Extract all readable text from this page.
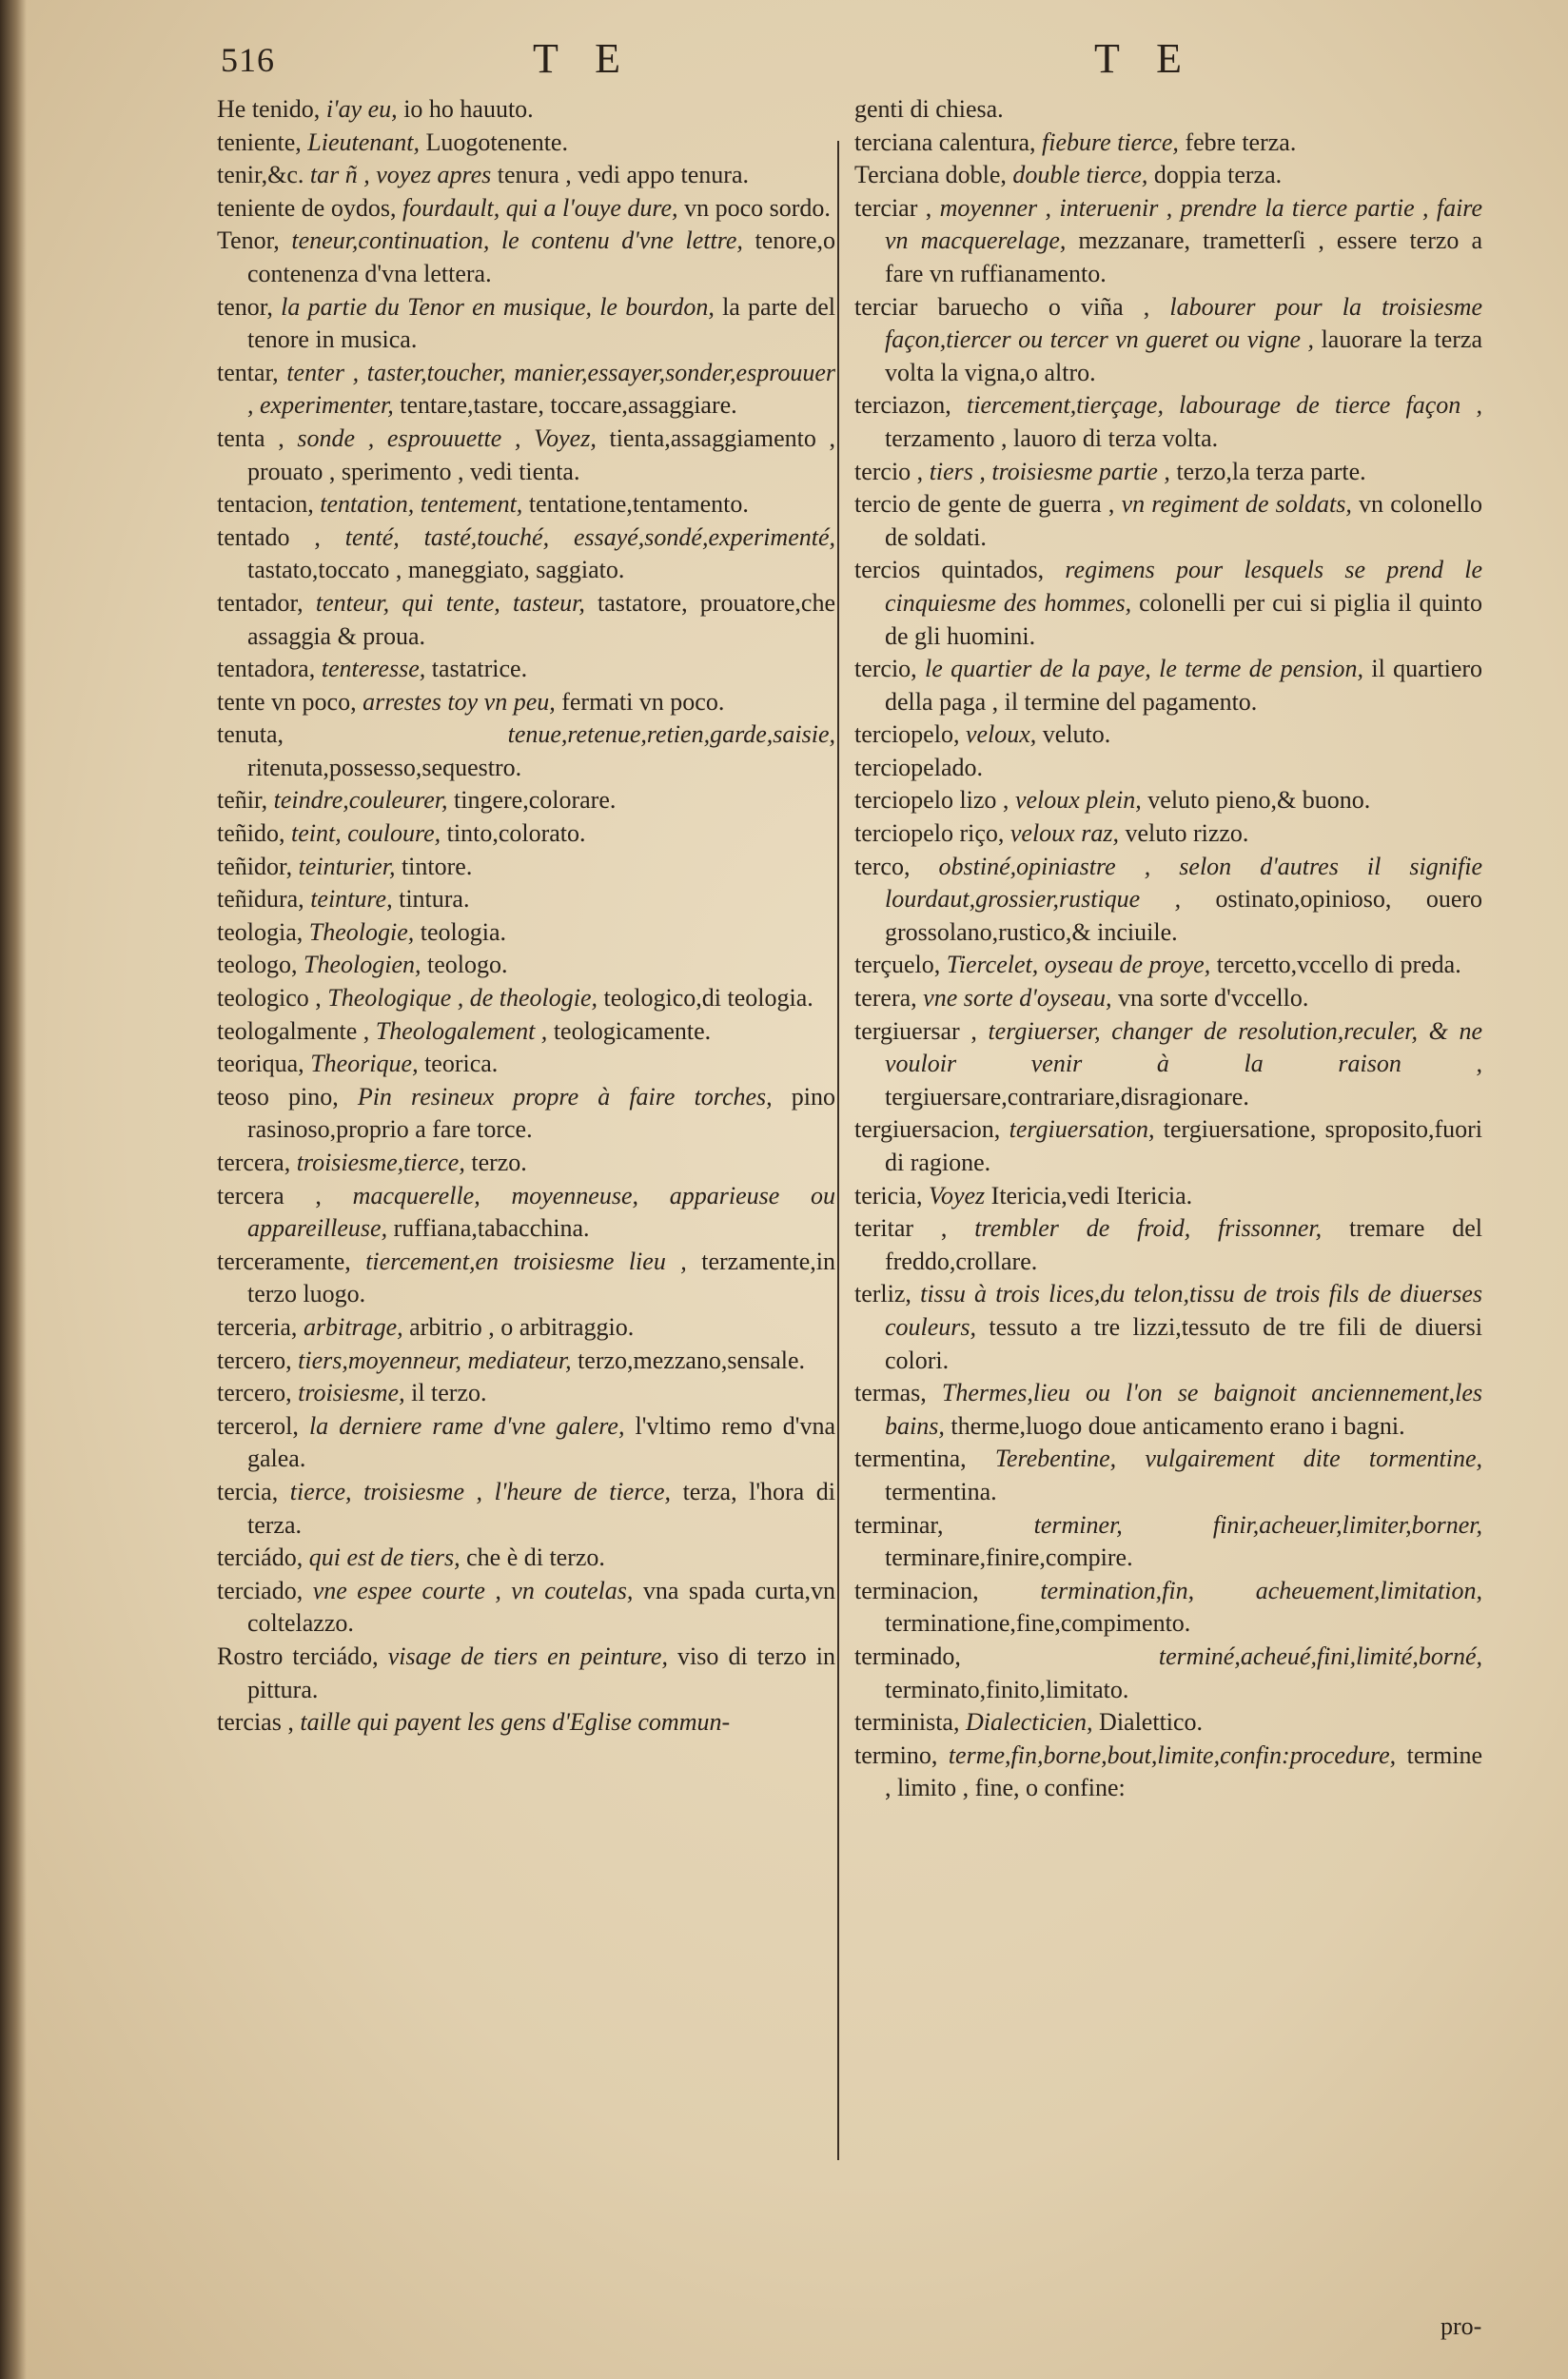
516	T E	T E
He tenido, i'ay eu, io ho hauuto.
teniente, Lieutenant, Luogotenente.
tenir,&c. tar ñ , voyez apres tenura , vedi appo tenura.
teniente de oydos, fourdault, qui a l'ouye dure, vn poco sordo.
Tenor, teneur,continuation, le contenu d'vne lettre, tenore,o contenenza d'vna lettera.
tenor, la partie du Tenor en musique, le bourdon, la parte del tenore in musica.
tentar, tenter , taster,toucher, manier,essayer,sonder,esprouuer , experimenter, tentare,tastare, toccare,assaggiare.
tenta , sonde , esprouuette , Voyez, tienta,assaggiamento , prouato , sperimento , vedi tienta.
tentacion, tentation, tentement, tentatione,tentamento.
tentado , tenté, tasté,touché, essayé,sondé,experimenté, tastato,toccato , maneggiato, saggiato.
tentador, tenteur, qui tente, tasteur, tastatore, prouatore,che assaggia & proua.
tentadora, tenteresse, tastatrice.
tente vn poco, arrestes toy vn peu, fermati vn poco.
tenuta,	tenue,retenue,retien,garde,saisie, ritenuta,possesso,sequestro.
teñir, teindre,couleurer, tingere,colorare.
teñido, teint, couloure, tinto,colorato.
teñidor, teinturier, tintore.
teñidura, teinture, tintura.
teologia, Theologie, teologia.
teologo, Theologien, teologo.
teologico , Theologique , de theologie, teologico,di teologia.
teologalmente , Theologalement , teologicamente.
teoriqua, Theorique, teorica.
teoso pino, Pin resineux propre à faire torches, pino rasinoso,proprio a fare torce.
tercera, troisiesme,tierce, terzo.
tercera , macquerelle, moyenneuse, apparieuse ou appareilleuse, ruffiana,tabacchina.
terceramente, tiercement,en troisiesme lieu , terzamente,in terzo luogo.
terceria, arbitrage, arbitrio , o arbitraggio.
tercero, tiers,moyenneur, mediateur, terzo,mezzano,sensale.
tercero, troisiesme, il terzo.
tercerol, la derniere rame d'vne galere, l'vltimo remo d'vna galea.
tercia, tierce, troisiesme , l'heure de tierce, terza, l'hora di terza.
terciádo, qui est de tiers, che è di terzo.
terciado, vne espee courte , vn coutelas, vna spada curta,vn coltelazzo.
Rostro terciádo, visage de tiers en peinture, viso di terzo in pittura.
tercias , taille qui payent les gens d'Eglise commun-
genti di chiesa.
terciana calentura, fiebure tierce, febre terza.
Terciana doble, double tierce, doppia terza.
terciar , moyenner , interuenir , prendre la tierce partie , faire vn macquerelage, mezzanare, trametterſi , essere terzo a fare vn ruffianamento.
terciar baruecho o viña , labourer pour la troisiesme façon,tiercer ou tercer vn gueret ou vigne , lauorare la terza volta la vigna,o altro.
terciazon, tiercement,tierçage, labourage de tierce façon , terzamento , lauoro di terza volta.
tercio , tiers , troisiesme partie , terzo,la terza parte.
tercio de gente de guerra , vn regiment de soldats, vn colonello de soldati.
tercios quintados, regimens pour lesquels se prend le cinquiesme des hommes, colonelli per cui si piglia il quinto de gli huomini.
tercio, le quartier de la paye, le terme de pension, il quartiero della paga , il termine del pagamento.
terciopelo, veloux, veluto.
terciopelado.
terciopelo lizo , veloux plein, veluto pieno,& buono.
terciopelo riço, veloux raz, veluto rizzo.
terco, obstiné,opiniastre , selon d'autres il signifie lourdaut,grossier,rustique , ostinato,opinioso, ouero grossolano,rustico,& inciuile.
terçuelo, Tiercelet, oyseau de proye, tercetto,vccello di preda.
terera, vne sorte d'oyseau, vna sorte d'vccello.
tergiuersar , tergiuerser, changer de resolution,reculer, & ne vouloir venir à la raison , tergiuersare,contrariare,disragionare.
tergiuersacion, tergiuersation, tergiuersatione, sproposito,fuori di ragione.
tericia, Voyez Itericia,vedi Itericia.
teritar , trembler de froid, frissonner, tremare del freddo,crollare.
terliz, tissu à trois lices,du telon,tissu de trois fils de diuerses couleurs, tessuto a tre lizzi,tessuto de tre fili de diuersi colori.
termas, Thermes,lieu ou l'on se baignoit anciennement,les bains, therme,luogo doue anticamento erano i bagni.
termentina, Terebentine, vulgairement dite tormentine, termentina.
terminar,	terminer, finir,acheuer,limiter,borner, terminare,finire,compire.
terminacion, termination,fin, acheuement,limitation, terminatione,fine,compimento.
terminado,	terminé,acheué,fini,limité,borné, terminato,finito,limitato.
terminista, Dialecticien, Dialettico.
termino, terme,fin,borne,bout,limite,confin:procedure, termine , limito , fine, o confine:
pro-
